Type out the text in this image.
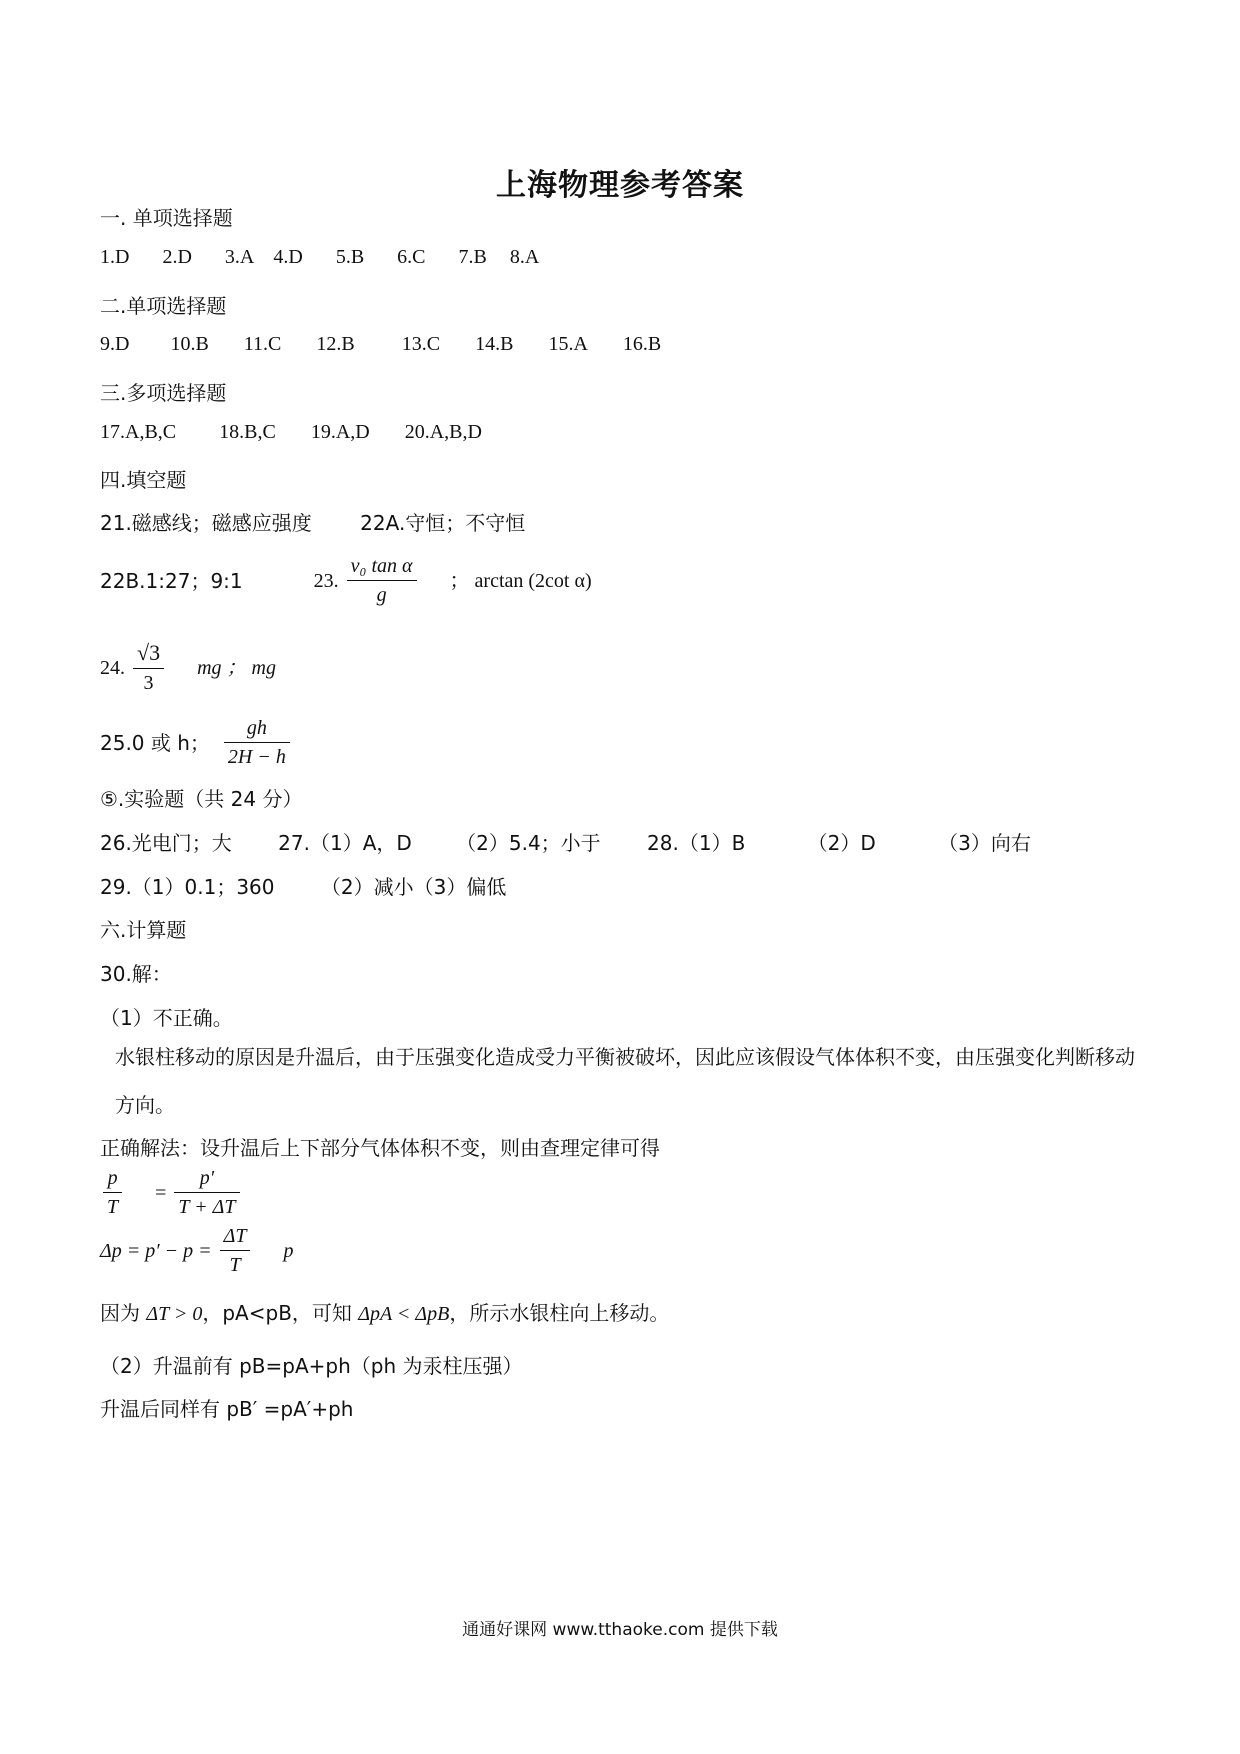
上海物理参考答案
一. 单项选择题
1.D 2.D 3.A 4.D 5.B 6.C 7.B 8.A
二.单项选择题
9.D 10.B 11.C 12.B 13.C 14.B 15.A 16.B
三.多项选择题
17.A,B,C 18.B,C 19.A,D 20.A,B,D
四.填空题
21.磁感线；磁感应强度 22A.守恒；不守恒
22B.1:27；9:1	23. $\frac{\text{v₀ tan α}}{g}$ ； arctan (2cot α)
24. $\frac{√3}{3}$ mg ； mg
25.0 或 h； $\frac{gh}{2H - h}$
⑤.实验题（共 24 分）
26.光电门；大 27.（1）A，D （2）5.4；小于 28.（1）B	（2）D	（3）向右
29.（1）0.1；360 （2）减小（3）偏低
六.计算题
30.解：
（1）不正确。
水银柱移动的原因是升温后，由于压强变化造成受力平衡被破坏，因此应该假设气体体积不变，由压强变化判断移动方向。
正确解法：设升温后上下部分气体体积不变，则由查理定律可得
$\frac{p}{T} = \frac{p'}{T + \Delta T}$
$\Delta p = p' - p = \frac{\Delta T}{T}$ p
因为 ΔT > 0，pA<pB，可知 ΔpA < ΔpB，所示水银柱向上移动。
（2）升温前有 pB=pA+ph（ph 为汞柱压强）
升温后同样有 pB′ =pA′+ph
通通好课网 www.tthaoke.com 提供下载
